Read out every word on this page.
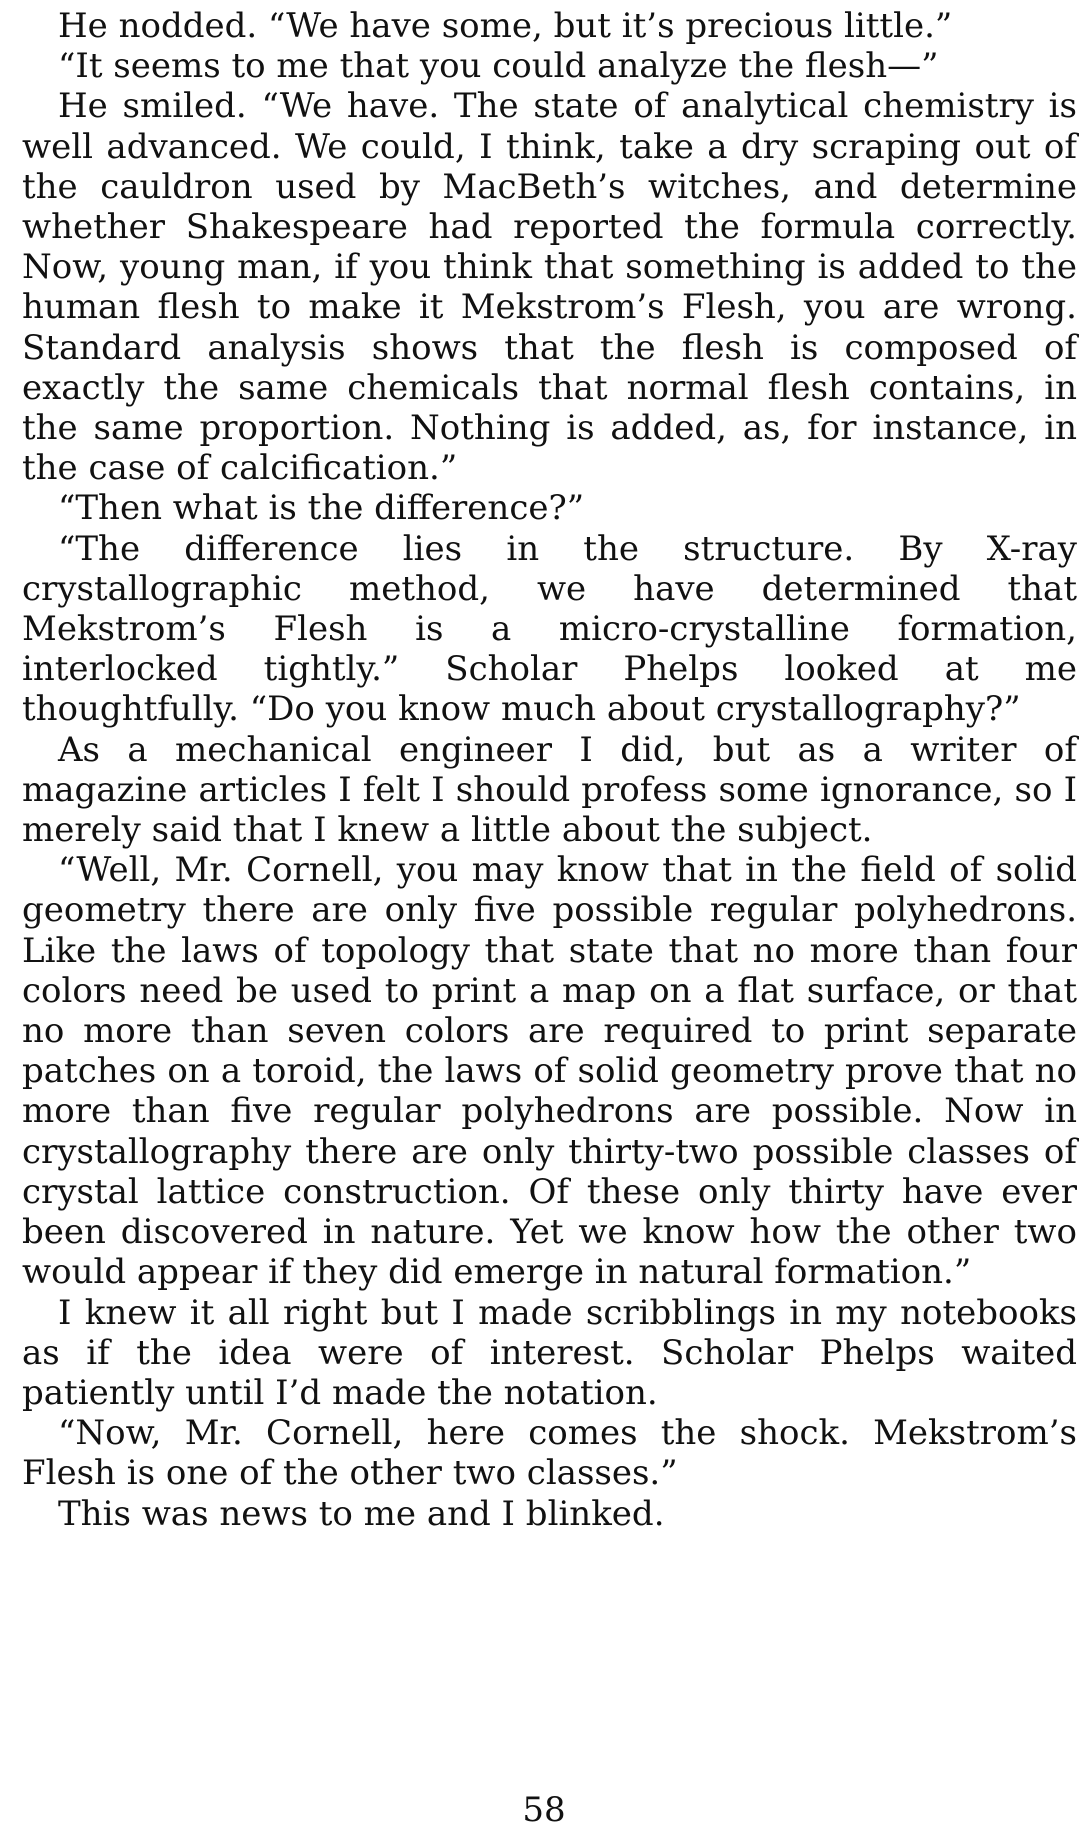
He nodded. “We have some, but it’s precious little.”

“It seems to me that you could analyze the flesh—”

He smiled. “We have. The state of analytical chemistry is well advanced. We could, I think, take a dry scraping out of the cauldron used by MacBeth’s witches, and determine whether Shakespeare had reported the formula correctly. Now, young man, if you think that something is added to the human flesh to make it Mekstrom’s Flesh, you are wrong. Standard analysis shows that the flesh is composed of exactly the same chemicals that normal flesh contains, in the same proportion. Nothing is added, as, for instance, in the case of calcification.”

“Then what is the difference?”

“The difference lies in the structure. By X-ray crystallographic method, we have determined that Mekstrom’s Flesh is a micro-crystalline formation, interlocked tightly.” Scholar Phelps looked at me thoughtfully. “Do you know much about crystallography?”

As a mechanical engineer I did, but as a writer of magazine articles I felt I should profess some ignorance, so I merely said that I knew a little about the subject.

“Well, Mr. Cornell, you may know that in the field of solid geometry there are only five possible regular polyhedrons. Like the laws of topology that state that no more than four colors need be used to print a map on a flat surface, or that no more than seven colors are required to print separate patches on a toroid, the laws of solid geometry prove that no more than five regular polyhedrons are possible. Now in crystallography there are only thirty-two possible classes of crystal lattice construction. Of these only thirty have ever been discovered in nature. Yet we know how the other two would appear if they did emerge in natural formation.”

I knew it all right but I made scribblings in my notebooks as if the idea were of interest. Scholar Phelps waited patiently until I’d made the notation.

“Now, Mr. Cornell, here comes the shock. Mekstrom’s Flesh is one of the other two classes.”

This was news to me and I blinked.

58
